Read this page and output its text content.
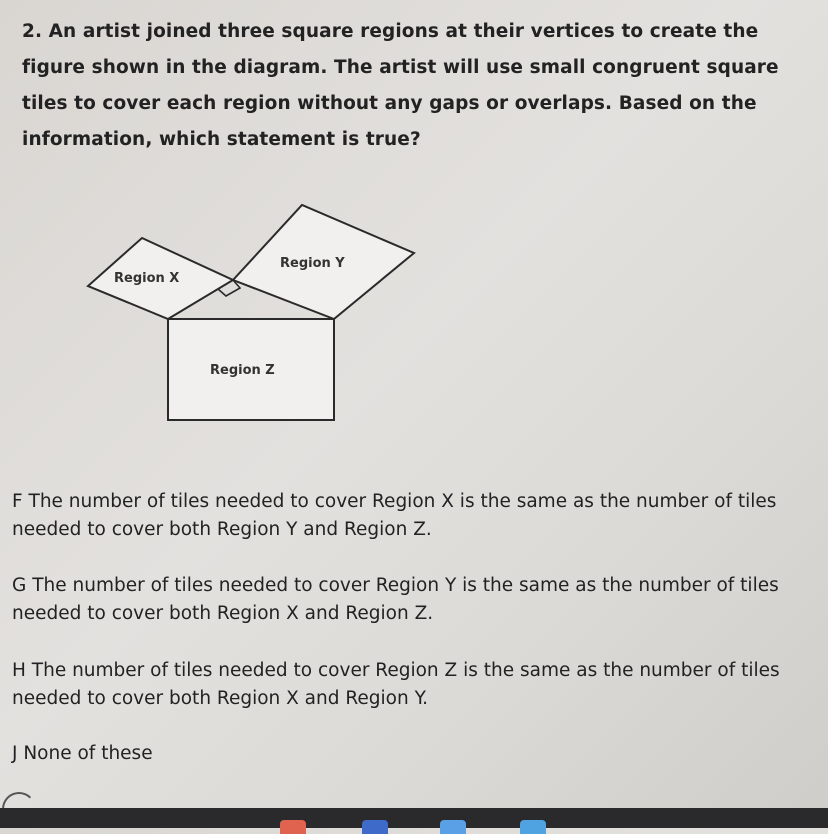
2. An artist joined three square regions at their vertices to create the figure shown in the diagram. The artist will use small congruent square tiles to cover each region without any gaps or overlaps. Based on the information, which statement is true?
Region X
Region Y
Region Z
F The number of tiles needed to cover Region X is the same as the number of tiles needed to cover both Region Y and Region Z.
G The number of tiles needed to cover Region Y is the same as the number of tiles needed to cover both Region X and Region Z.
H The number of tiles needed to cover Region Z is the same as the number of tiles needed to cover both Region X and Region Y.
J None of these
